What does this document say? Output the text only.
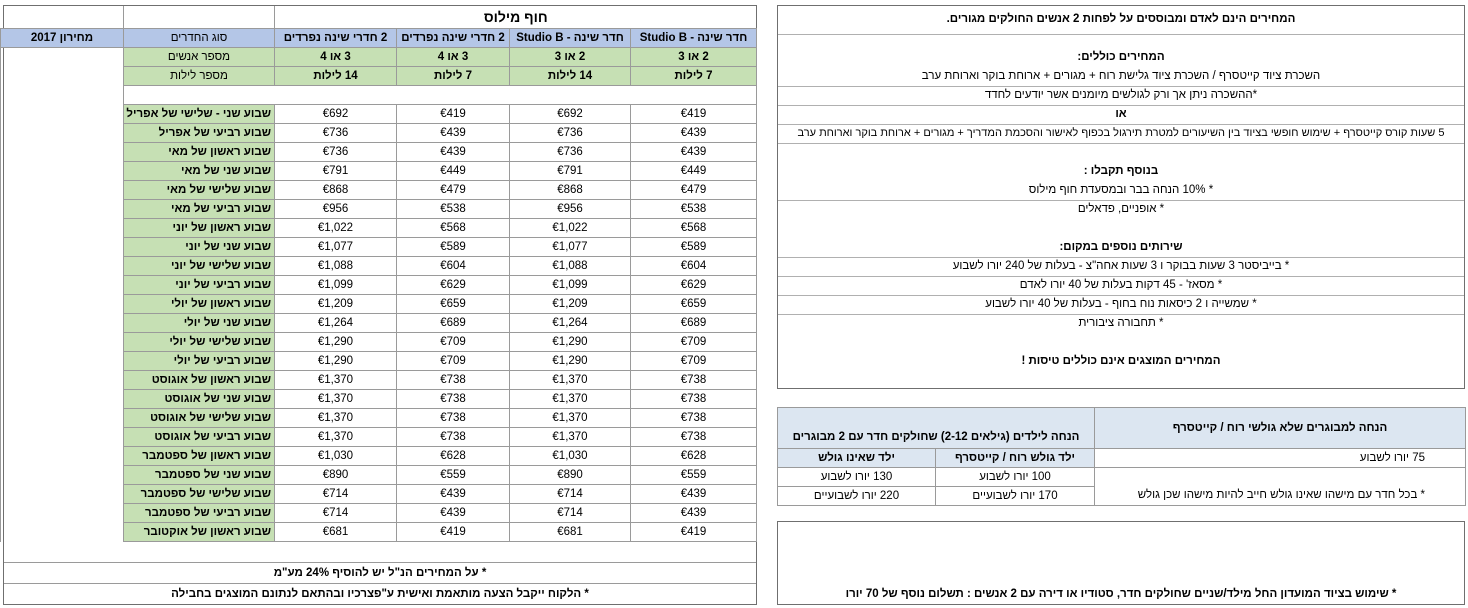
חוף מילוס					
חדר שינה - Studio B	חדר שינה - Studio B	2 חדרי שינה נפרדים	2 חדרי שינה נפרדים	סוג החדרים	מחירון 2017
2 או 3	2 או 3	3 או 4	3 או 4	מספר אנשים	
7 לילות	14 לילות	7 לילות	14 לילות	מספר לילות	

€419	€692	€419	€692	שבוע שני - שלישי של אפריל	
€439	€736	€439	€736	שבוע רביעי של אפריל	
€439	€736	€439	€736	שבוע ראשון של מאי	
€449	€791	€449	€791	שבוע שני של מאי	
€479	€868	€479	€868	שבוע שלישי של מאי	
€538	€956	€538	€956	שבוע רביעי של מאי	
€568	€1,022	€568	€1,022	שבוע ראשון של יוני	
€589	€1,077	€589	€1,077	שבוע שני של יוני	
€604	€1,088	€604	€1,088	שבוע שלישי של יוני	
€629	€1,099	€629	€1,099	שבוע רביעי של יוני	
€659	€1,209	€659	€1,209	שבוע ראשון של יולי	
€689	€1,264	€689	€1,264	שבוע שני של יולי	
€709	€1,290	€709	€1,290	שבוע שלישי של יולי	
€709	€1,290	€709	€1,290	שבוע רביעי של יולי	
€738	€1,370	€738	€1,370	שבוע ראשון של אוגוסט	
€738	€1,370	€738	€1,370	שבוע שני של אוגוסט	
€738	€1,370	€738	€1,370	שבוע שלישי של אוגוסט	
€738	€1,370	€738	€1,370	שבוע רביעי של אוגוסט	
€628	€1,030	€628	€1,030	שבוע ראשון של ספטמבר	
€559	€890	€559	€890	שבוע שני של ספטמבר	
€439	€714	€439	€714	שבוע שלישי של ספטמבר	
€439	€714	€439	€714	שבוע רביעי של ספטמבר	
€419	€681	€419	€681	שבוע ראשון של אוקטובר	
* על המחירים הנ"ל יש להוסיף 24% מע"מ
* הלקוח ייקבל הצעה מותאמת ואישית ע"פצרכיו ובהתאם לנתונם המוצגים בחבילה
המחירים הינם לאדם ומבוססים על לפחות 2 אנשים החולקים מגורים.
המחירים כוללים:
השכרת ציוד קייטסרף / השכרת ציוד גלישת רוח + מגורים + ארוחת בוקר וארוחת ערב
*ההשכרה ניתן אך ורק לגולשים מיומנים אשר יודעים לחדד
או
5 שעות קורס קייטסרף + שימוש חופשי בציוד בין השיעורים למטרת תירגול בכפוף לאישור והסכמת המדריך + מגורים + ארוחת בוקר וארוחת ערב
בנוסף תקבלו :
* 10% הנחה בבר ובמסעדת חוף מילוס
* אופניים, פדאלים
שירותים נוספים במקום:
* בייביסטר 3 שעות בבוקר ו 3 שעות אחה"צ - בעלות של 240 יורו לשבוע
* מסאז' - 45 דקות בעלות של 40 יורו לאדם
* שמשייה ו 2 כיסאות נוח בחוף - בעלות של 40 יורו לשבוע
* תחבורה ציבורית
המחירים המוצגים אינם כוללים טיסות !
הנחה למבוגרים שלא גולשי רוח / קייטסרף	הנחה לילדים (גילאים 2-12) שחולקים חדר עם 2 מבוגרים	

75 יורו לשבוע	ילד גולש רוח / קייטסרף	ילד שאינו גולש
	100 יורו לשבוע	130 יורו לשבוע
* בכל חדר עם מישהו שאינו גולש חייב להיות מישהו שכן גולש	170 יורו לשבועיים	220 יורו לשבועיים
* שימוש בציוד המועדון החל מילד/שניים שחולקים חדר, סטודיו או דירה עם 2 אנשים : תשלום נוסף של 70 יורו
